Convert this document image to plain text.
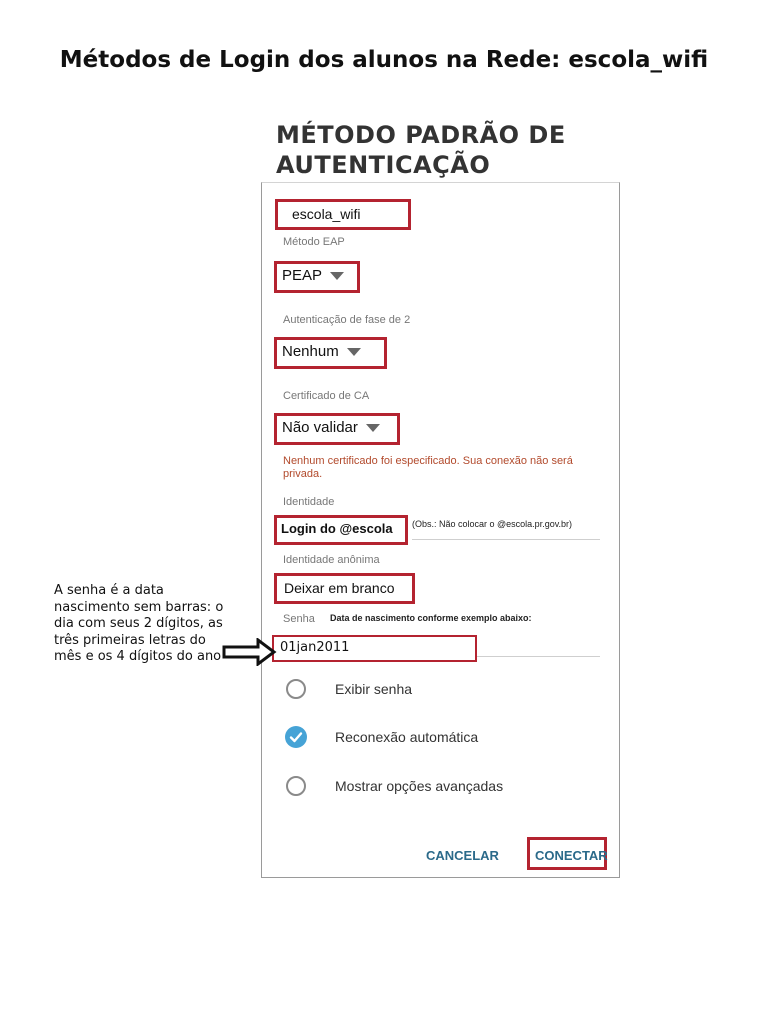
Métodos de Login dos alunos na Rede: escola_wifi
MÉTODO PADRÃO DE
AUTENTICAÇÃO
escola_wifi
Método EAP
PEAP
Autenticação de fase de 2
Nenhum
Certificado de CA
Não validar
Nenhum certificado foi especificado. Sua conexão não será privada.
Identidade
Login do @escola (Obs.: Não colocar o @escola.pr.gov.br)
Identidade anônima
Deixar em branco
Senha Data de nascimento conforme exemplo abaixo:
01jan2011
Exibir senha
Reconexão automática
Mostrar opções avançadas
CANCELAR	CONECTAR
A senha é a data nascimento sem barras: o dia com seus 2 dígitos, as três primeiras letras do mês e os 4 dígitos do ano
